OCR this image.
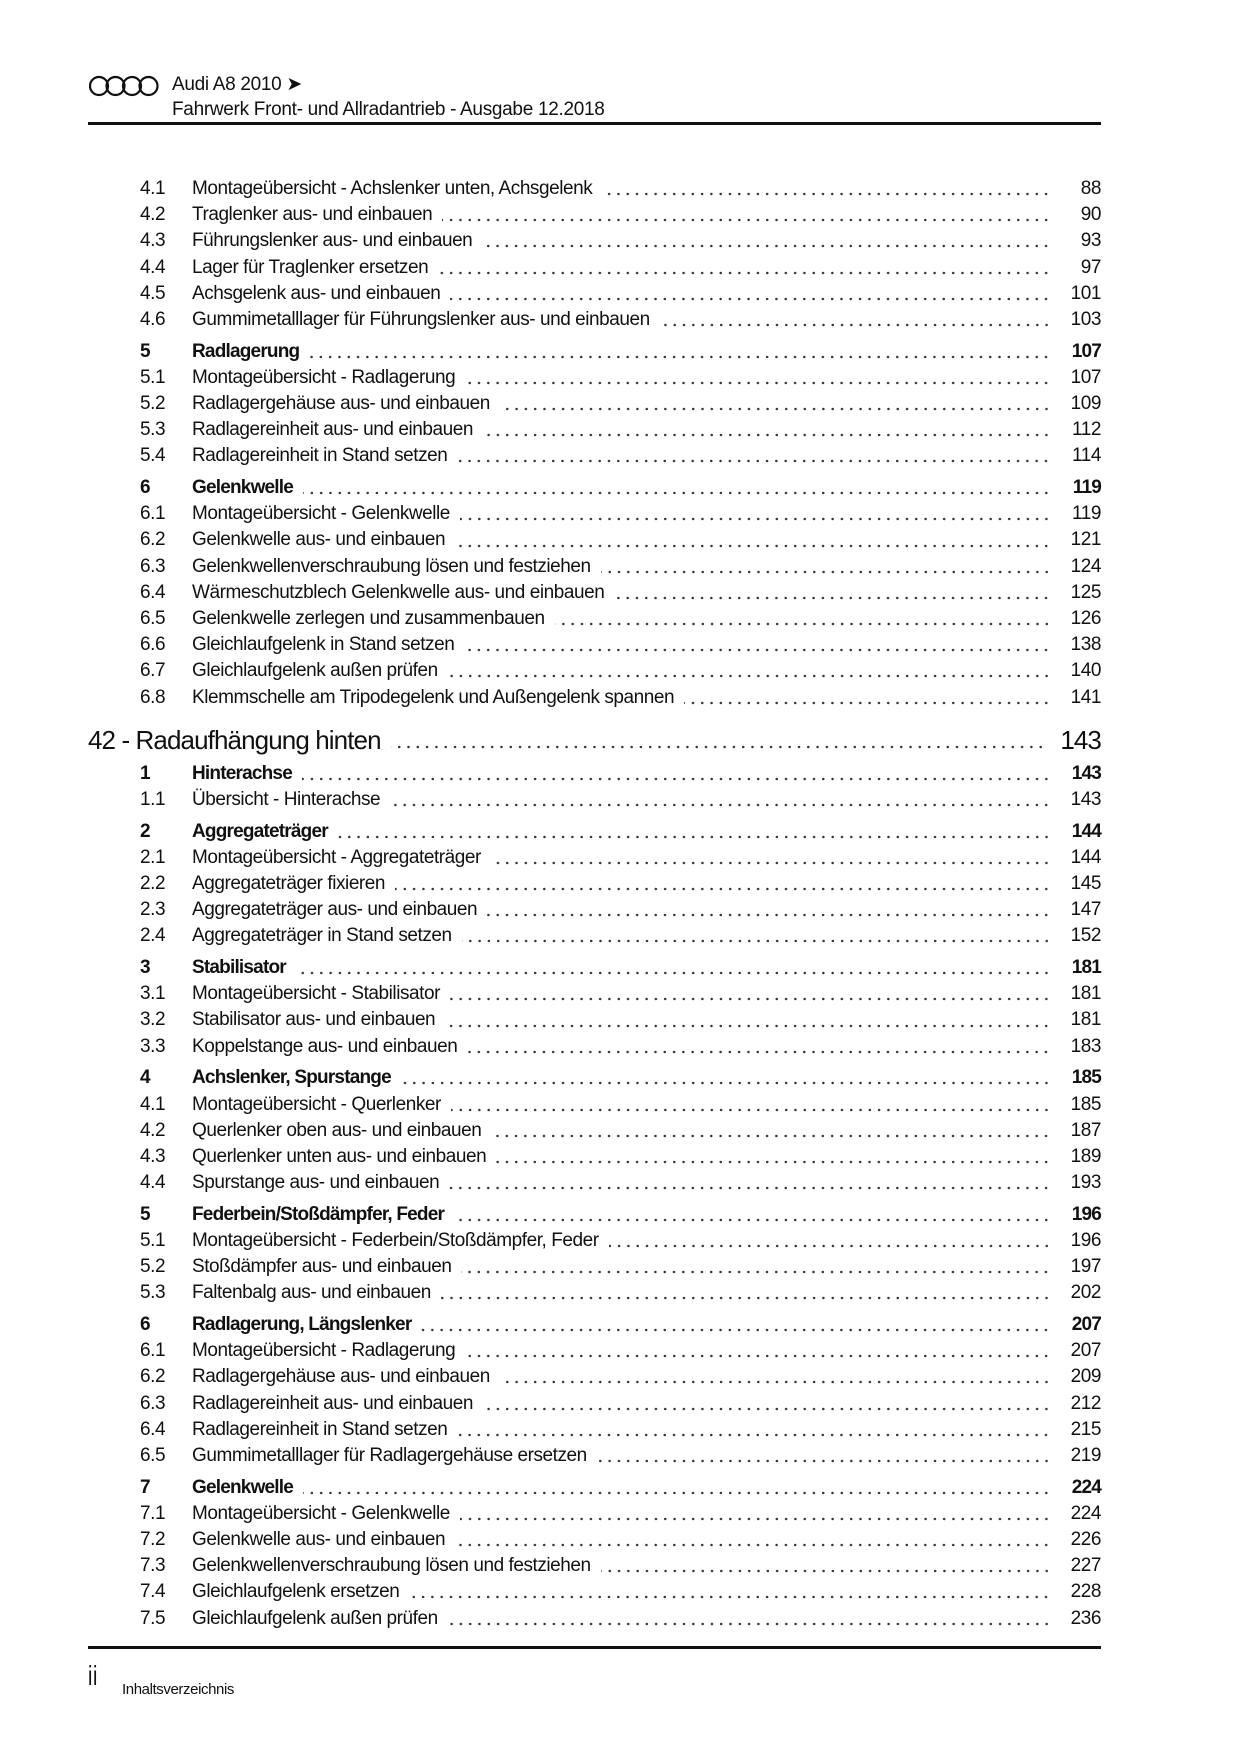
Audi A8 2010 ➤
Fahrwerk Front- und Allradantrieb - Ausgabe 12.2018
4.1	Montageübersicht - Achslenker unten, Achsgelenk	88
4.2	Traglenker aus- und einbauen	90
4.3	Führungslenker aus- und einbauen	93
4.4	Lager für Traglenker ersetzen	97
4.5	Achsgelenk aus- und einbauen	101
4.6	Gummimetalllager für Führungslenker aus- und einbauen	103
5	Radlagerung	107
5.1	Montageübersicht - Radlagerung	107
5.2	Radlagergehäuse aus- und einbauen	109
5.3	Radlagereinheit aus- und einbauen	112
5.4	Radlagereinheit in Stand setzen	114
6	Gelenkwelle	119
6.1	Montageübersicht - Gelenkwelle	119
6.2	Gelenkwelle aus- und einbauen	121
6.3	Gelenkwellenverschraubung lösen und festziehen	124
6.4	Wärmeschutzblech Gelenkwelle aus- und einbauen	125
6.5	Gelenkwelle zerlegen und zusammenbauen	126
6.6	Gleichlaufgelenk in Stand setzen	138
6.7	Gleichlaufgelenk außen prüfen	140
6.8	Klemmschelle am Tripodegelenk und Außengelenk spannen	141
42 - Radaufhängung hinten	143
1	Hinterachse	143
1.1	Übersicht - Hinterachse	143
2	Aggregateträger	144
2.1	Montageübersicht - Aggregateträger	144
2.2	Aggregateträger fixieren	145
2.3	Aggregateträger aus- und einbauen	147
2.4	Aggregateträger in Stand setzen	152
3	Stabilisator	181
3.1	Montageübersicht - Stabilisator	181
3.2	Stabilisator aus- und einbauen	181
3.3	Koppelstange aus- und einbauen	183
4	Achslenker, Spurstange	185
4.1	Montageübersicht - Querlenker	185
4.2	Querlenker oben aus- und einbauen	187
4.3	Querlenker unten aus- und einbauen	189
4.4	Spurstange aus- und einbauen	193
5	Federbein/Stoßdämpfer, Feder	196
5.1	Montageübersicht - Federbein/Stoßdämpfer, Feder	196
5.2	Stoßdämpfer aus- und einbauen	197
5.3	Faltenbalg aus- und einbauen	202
6	Radlagerung, Längslenker	207
6.1	Montageübersicht - Radlagerung	207
6.2	Radlagergehäuse aus- und einbauen	209
6.3	Radlagereinheit aus- und einbauen	212
6.4	Radlagereinheit in Stand setzen	215
6.5	Gummimetalllager für Radlagergehäuse ersetzen	219
7	Gelenkwelle	224
7.1	Montageübersicht - Gelenkwelle	224
7.2	Gelenkwelle aus- und einbauen	226
7.3	Gelenkwellenverschraubung lösen und festziehen	227
7.4	Gleichlaufgelenk ersetzen	228
7.5	Gleichlaufgelenk außen prüfen	236
ii Inhaltsverzeichnis
